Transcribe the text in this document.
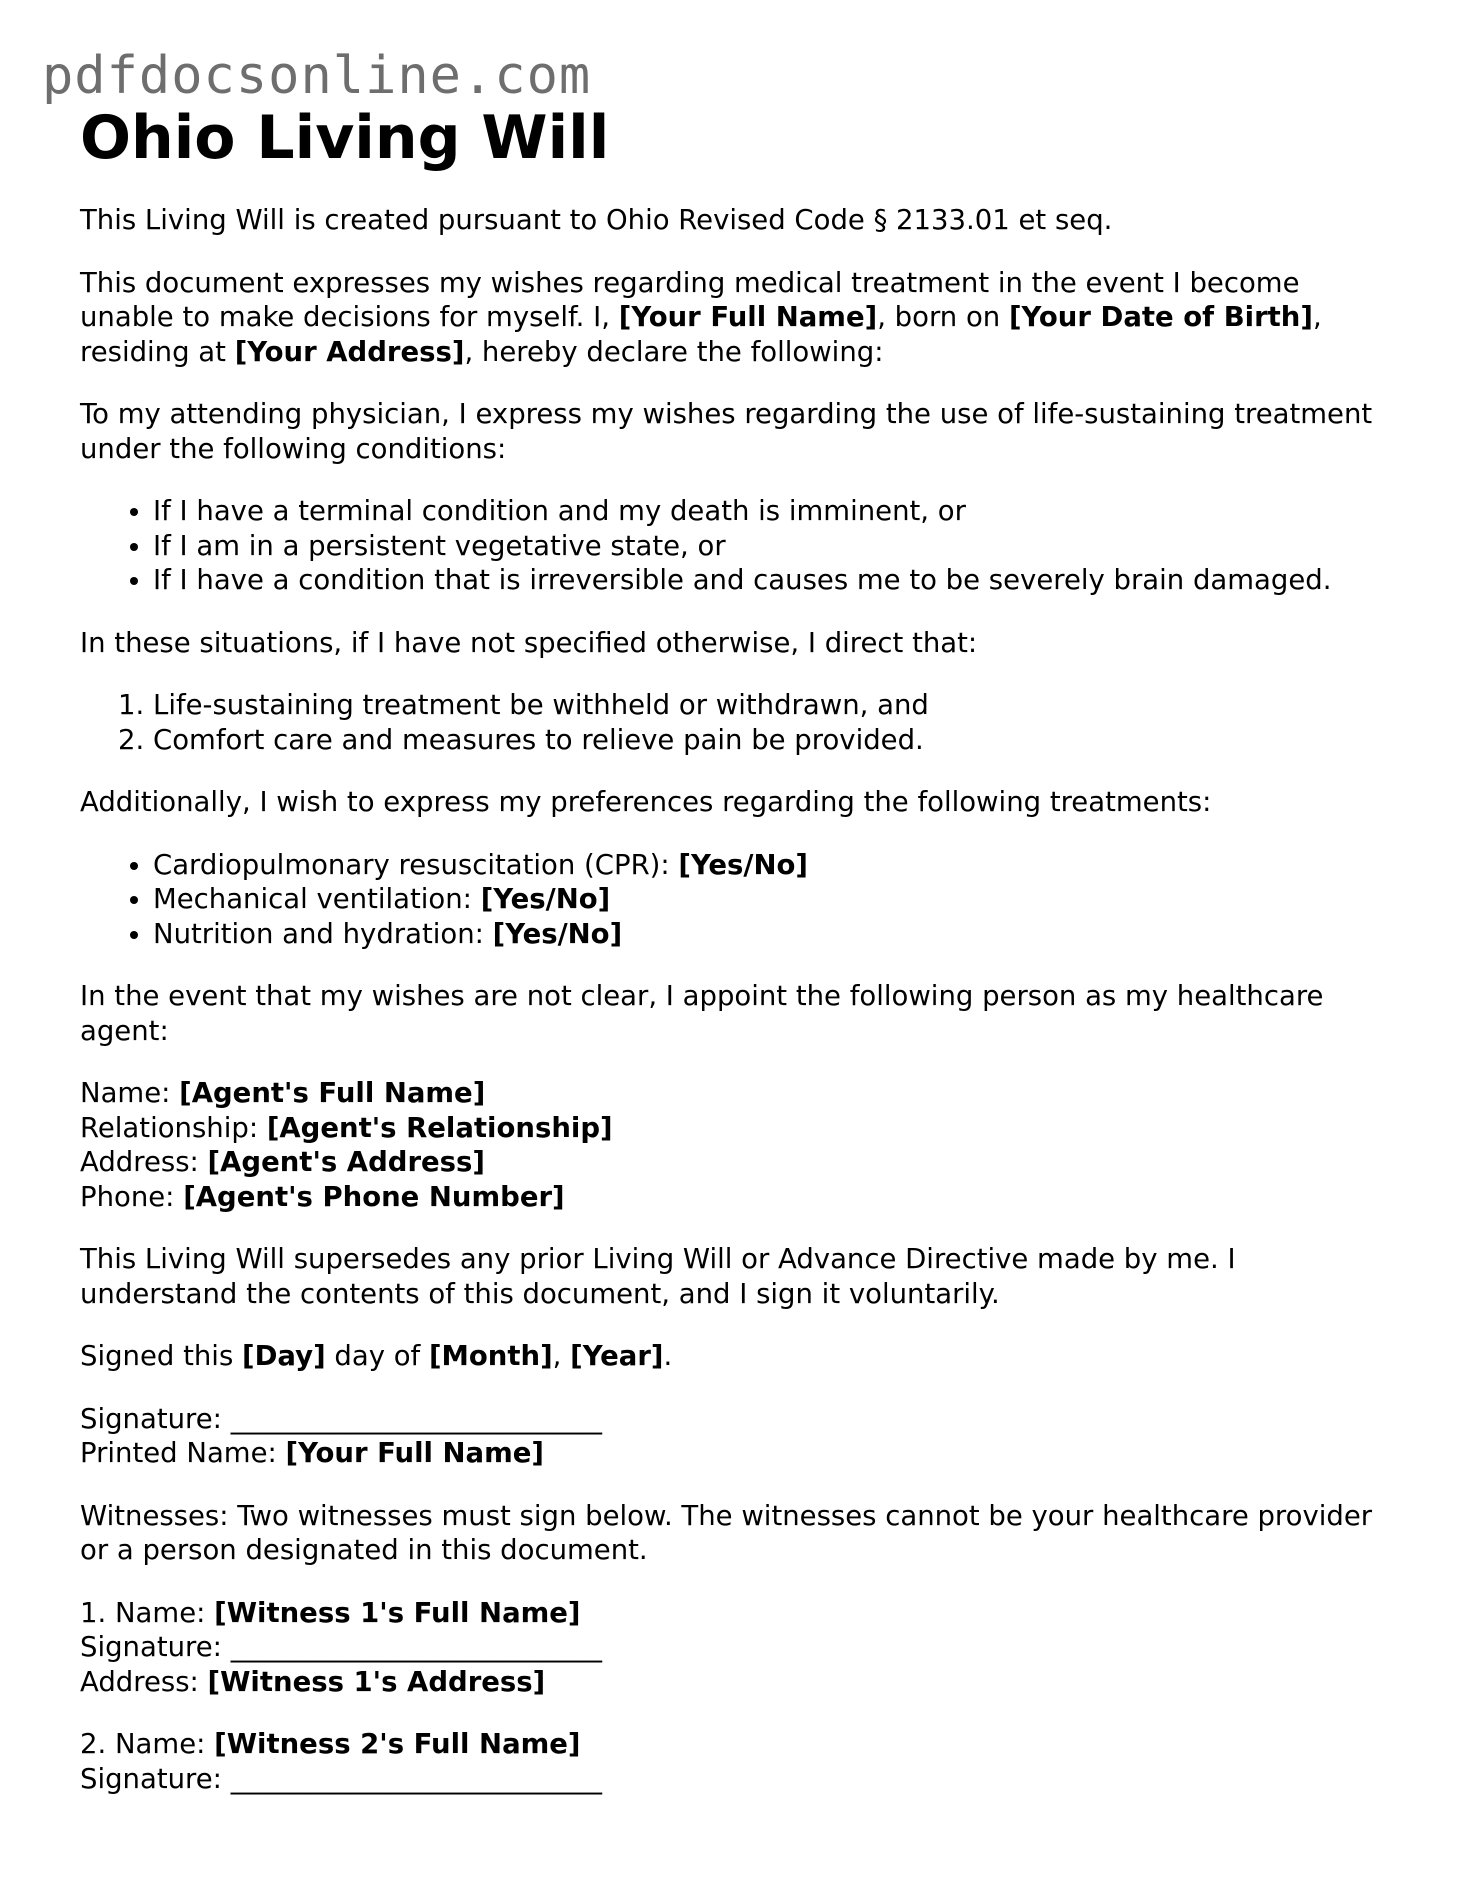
pdfdocsonline.com
Ohio Living Will

This Living Will is created pursuant to Ohio Revised Code § 2133.01 et seq.

This document expresses my wishes regarding medical treatment in the event I become unable to make decisions for myself. I, [Your Full Name], born on [Your Date of Birth], residing at [Your Address], hereby declare the following:

To my attending physician, I express my wishes regarding the use of life-sustaining treatment under the following conditions:

• If I have a terminal condition and my death is imminent, or
• If I am in a persistent vegetative state, or
• If I have a condition that is irreversible and causes me to be severely brain damaged.

In these situations, if I have not specified otherwise, I direct that:

1. Life-sustaining treatment be withheld or withdrawn, and
2. Comfort care and measures to relieve pain be provided.

Additionally, I wish to express my preferences regarding the following treatments:

• Cardiopulmonary resuscitation (CPR): [Yes/No]
• Mechanical ventilation: [Yes/No]
• Nutrition and hydration: [Yes/No]

In the event that my wishes are not clear, I appoint the following person as my healthcare agent:

Name: [Agent's Full Name]

Relationship: [Agent's Relationship]

Address: [Agent's Address]

Phone: [Agent's Phone Number]

This Living Will supersedes any prior Living Will or Advance Directive made by me. I understand the contents of this document, and I sign it voluntarily.

Signed this [Day] day of [Month], [Year].

Signature: ___________________________

Printed Name: [Your Full Name]

Witnesses: Two witnesses must sign below. The witnesses cannot be your healthcare provider or a person designated in this document.

1. Name: [Witness 1's Full Name]

Signature: ___________________________

Address: [Witness 1's Address]

2. Name: [Witness 2's Full Name]

Signature: ___________________________
